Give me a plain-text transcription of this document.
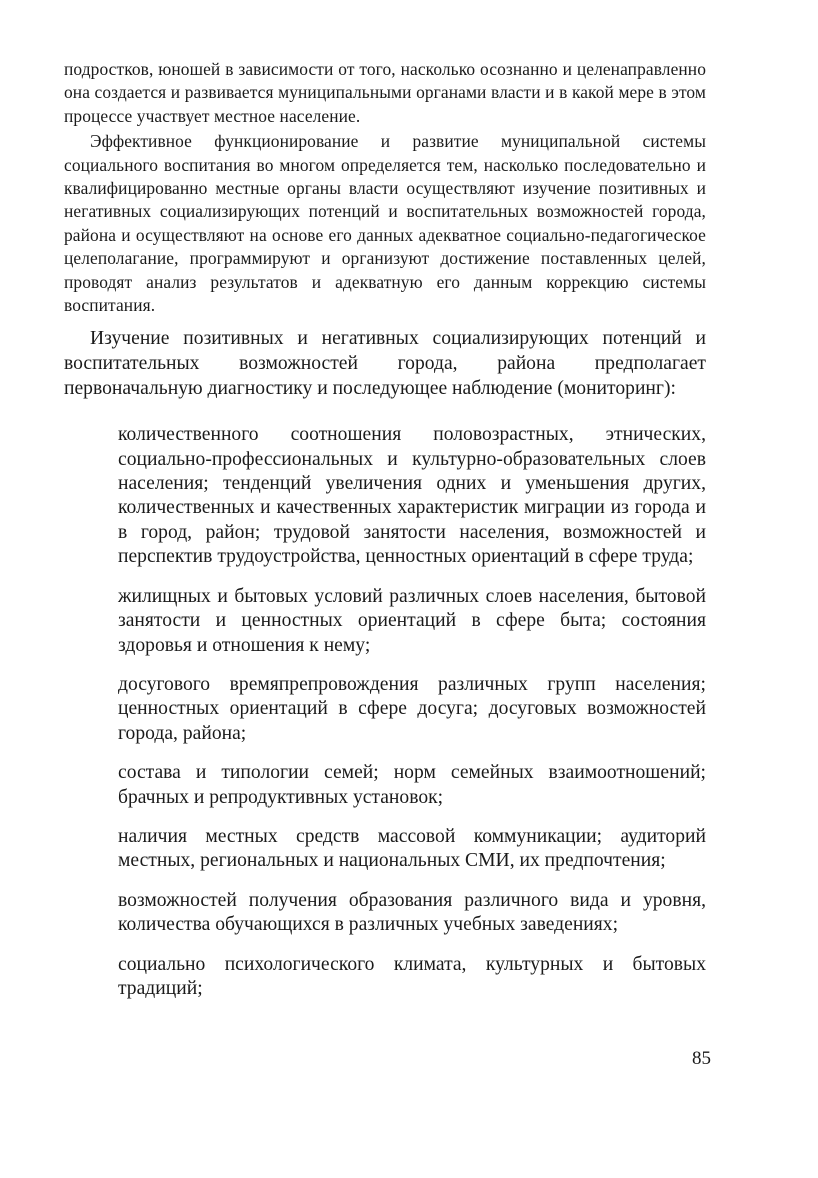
подростков, юношей в зависимости от того, насколько осознанно и целенаправленно она создается и развивается муниципальными органами власти и в какой мере в этом процессе участвует местное население.

Эффективное функционирование и развитие муниципальной системы социального воспитания во многом определяется тем, насколько последовательно и квалифицированно местные органы власти осуществляют изучение позитивных и негативных социализирующих потенций и воспитательных возможностей города, района и осуществляют на основе его данных адекватное социально-педагогическое целеполагание, программируют и организуют достижение поставленных целей, проводят анализ результатов и адекватную его данным коррекцию системы воспитания.

Изучение позитивных и негативных социализирующих потенций и воспитательных возможностей города, района предполагает первоначальную диагностику и последующее наблюдение (мониторинг):

количественного соотношения половозрастных, этнических, социально-профессиональных и культурно-образовательных слоев населения; тенденций увеличения одних и уменьшения других, количественных и качественных характеристик миграции из города и в город, район; трудовой занятости населения, возможностей и перспектив трудоустройства, ценностных ориентаций в сфере труда;

жилищных и бытовых условий различных слоев населения, бытовой занятости и ценностных ориентаций в сфере быта; состояния здоровья и отношения к нему;

досугового времяпрепровождения различных групп населения; ценностных ориентаций в сфере досуга; досуговых возможностей города, района;

состава и типологии семей; норм семейных взаимоотношений; брачных и репродуктивных установок;

наличия местных средств массовой коммуникации; аудиторий местных, региональных и национальных СМИ, их предпочтения;

возможностей получения образования различного вида и уровня, количества обучающихся в различных учебных заведениях;

социально психологического климата, культурных и бытовых традиций;

85
